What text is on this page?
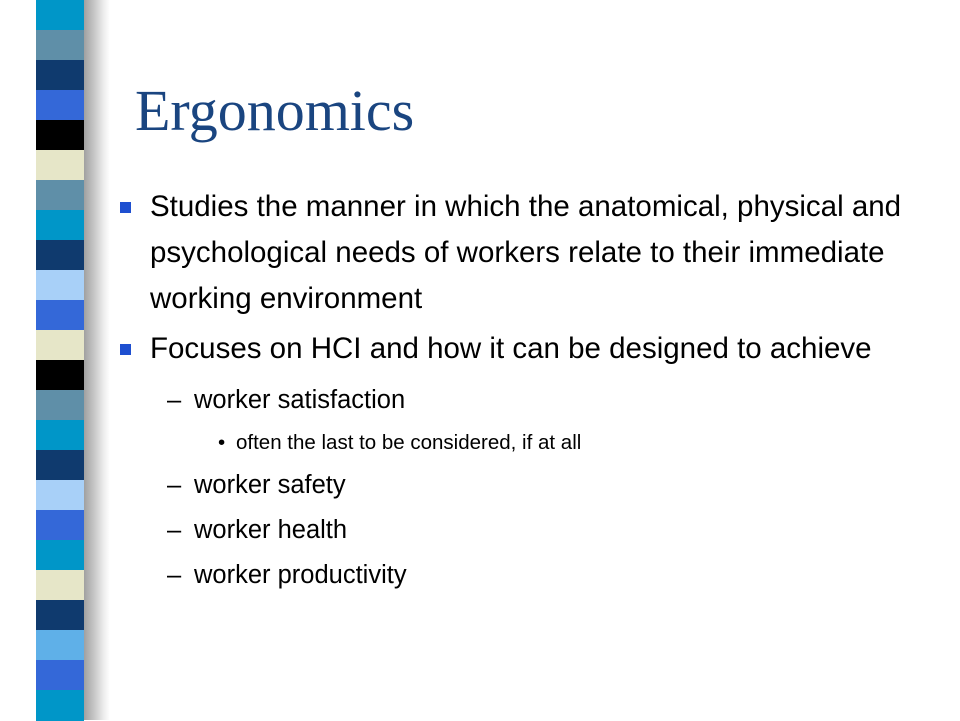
Ergonomics
Studies the manner in which the anatomical, physical and psychological needs of workers relate to their immediate working environment
Focuses on HCI and how it can be designed to achieve
– worker satisfaction
• often the last to be considered, if at all
– worker safety
– worker health
– worker productivity
